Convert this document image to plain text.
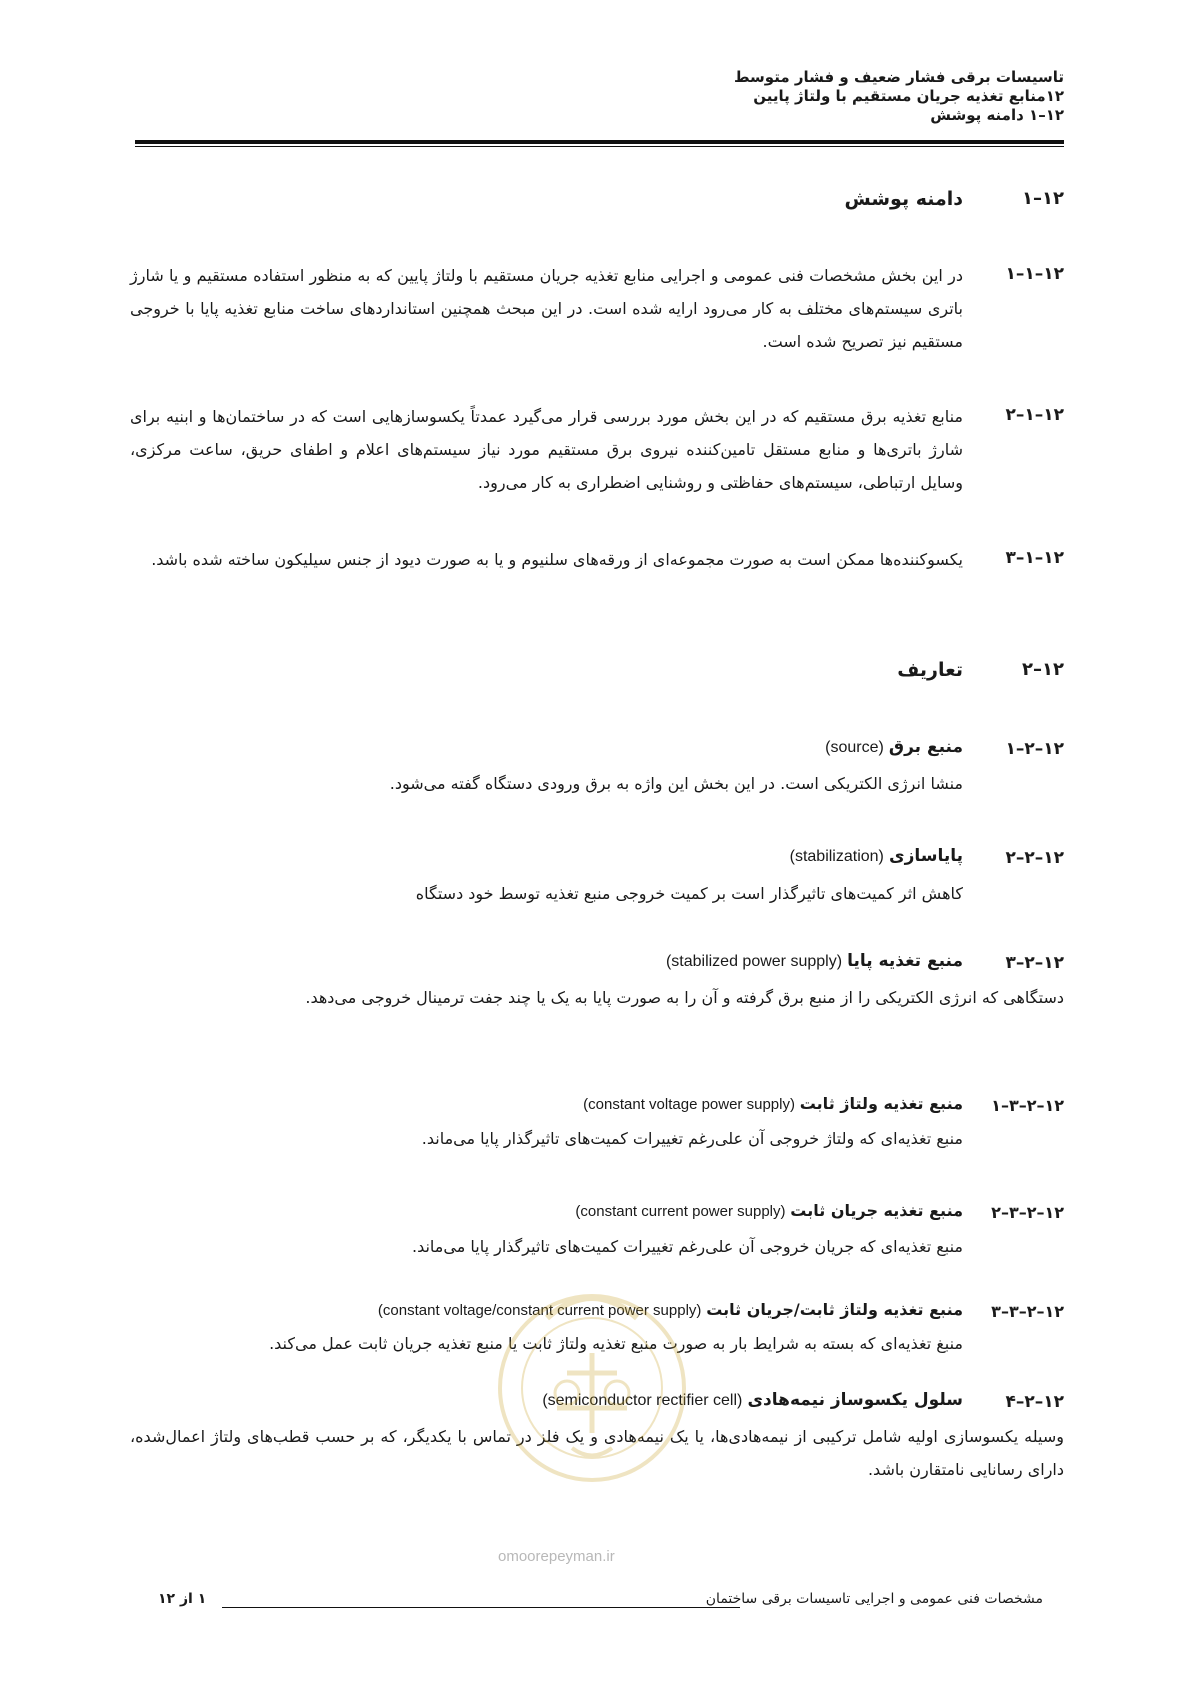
تاسیسات برقی فشار ضعیف و فشار متوسط
۱۲منابع تغذیه جریان مستقیم با ولتاژ پایین
۱۲–۱ دامنه پوشش
۱۲–۱
دامنه پوشش
۱۲–۱–۱
در این بخش مشخصات فنی عمومی و اجرایی منابع تغذیه جریان مستقیم با ولتاژ پایین که به منظور استفاده مستقیم و یا شارژ باتری سیستم‌های مختلف به کار می‌رود ارایه شده است. در این مبحث همچنین استانداردهای ساخت منابع تغذیه پایا با خروجی مستقیم نیز تصریح شده است.
۱۲–۱–۲
منابع تغذیه برق مستقیم که در این بخش مورد بررسی قرار می‌گیرد عمدتاً یکسوسازهایی است که در ساختمان‌ها و ابنیه برای شارژ باتری‌ها و منابع مستقل تامین‌کننده نیروی برق مستقیم مورد نیاز سیستم‌های اعلام و اطفای حریق، ساعت مرکزی، وسایل ارتباطی، سیستم‌های حفاظتی و روشنایی اضطراری به کار می‌رود.
۱۲–۱–۳
یکسوکننده‌ها ممکن است به صورت مجموعه‌ای از ورقه‌های سلنیوم و یا به صورت دیود از جنس سیلیکون ساخته شده باشد.
۱۲–۲
تعاریف
۱۲–۲–۱
منبع برق (source)
منشا انرژی الکتریکی است. در این بخش این واژه به برق ورودی دستگاه گفته می‌شود.
۱۲–۲–۲
پایاسازی (stabilization)
کاهش اثر کمیت‌های تاثیرگذار است بر کمیت خروجی منبع تغذیه توسط خود دستگاه
۱۲–۲–۳
منبع تغذیه پایا (stabilized power supply)
دستگاهی که انرژی الکتریکی را از منبع برق گرفته و آن را به صورت پایا به یک یا چند جفت ترمینال خروجی می‌دهد.
۱۲–۲–۳–۱
منبع تغذیه ولتاژ ثابت (constant voltage power supply)
منبع تغذیه‌ای که ولتاژ خروجی آن علی‌رغم تغییرات کمیت‌های تاثیرگذار پایا می‌ماند.
۱۲–۲–۳–۲
منبع تغذیه جریان ثابت (constant current power supply)
منبع تغذیه‌ای که جریان خروجی آن علی‌رغم تغییرات کمیت‌های تاثیرگذار پایا می‌ماند.
۱۲–۲–۳–۳
منبع تغذیه ولتاژ ثابت/جریان ثابت (constant voltage/constant current power supply)
منبغ تغذیه‌ای که بسته به شرایط بار به صورت منبع تغذیه ولتاژ ثابت یا منبع تغذیه جریان ثابت عمل می‌کند.
۱۲–۲–۴
سلول یکسوساز نیمه‌هادی (semiconductor rectifier cell)
وسیله یکسوسازی اولیه شامل ترکیبی از نیمه‌هادی‌ها، یا یک نیمه‌هادی و یک فلز در تماس با یکدیگر، که بر حسب قطب‌های ولتاژ اعمال‌شده، دارای رسانایی نامتقارن باشد.
omoorepeyman.ir
مشخصات فنی عمومی و اجرایی تاسیسات برقی ساختمان
۱ از ۱۲
